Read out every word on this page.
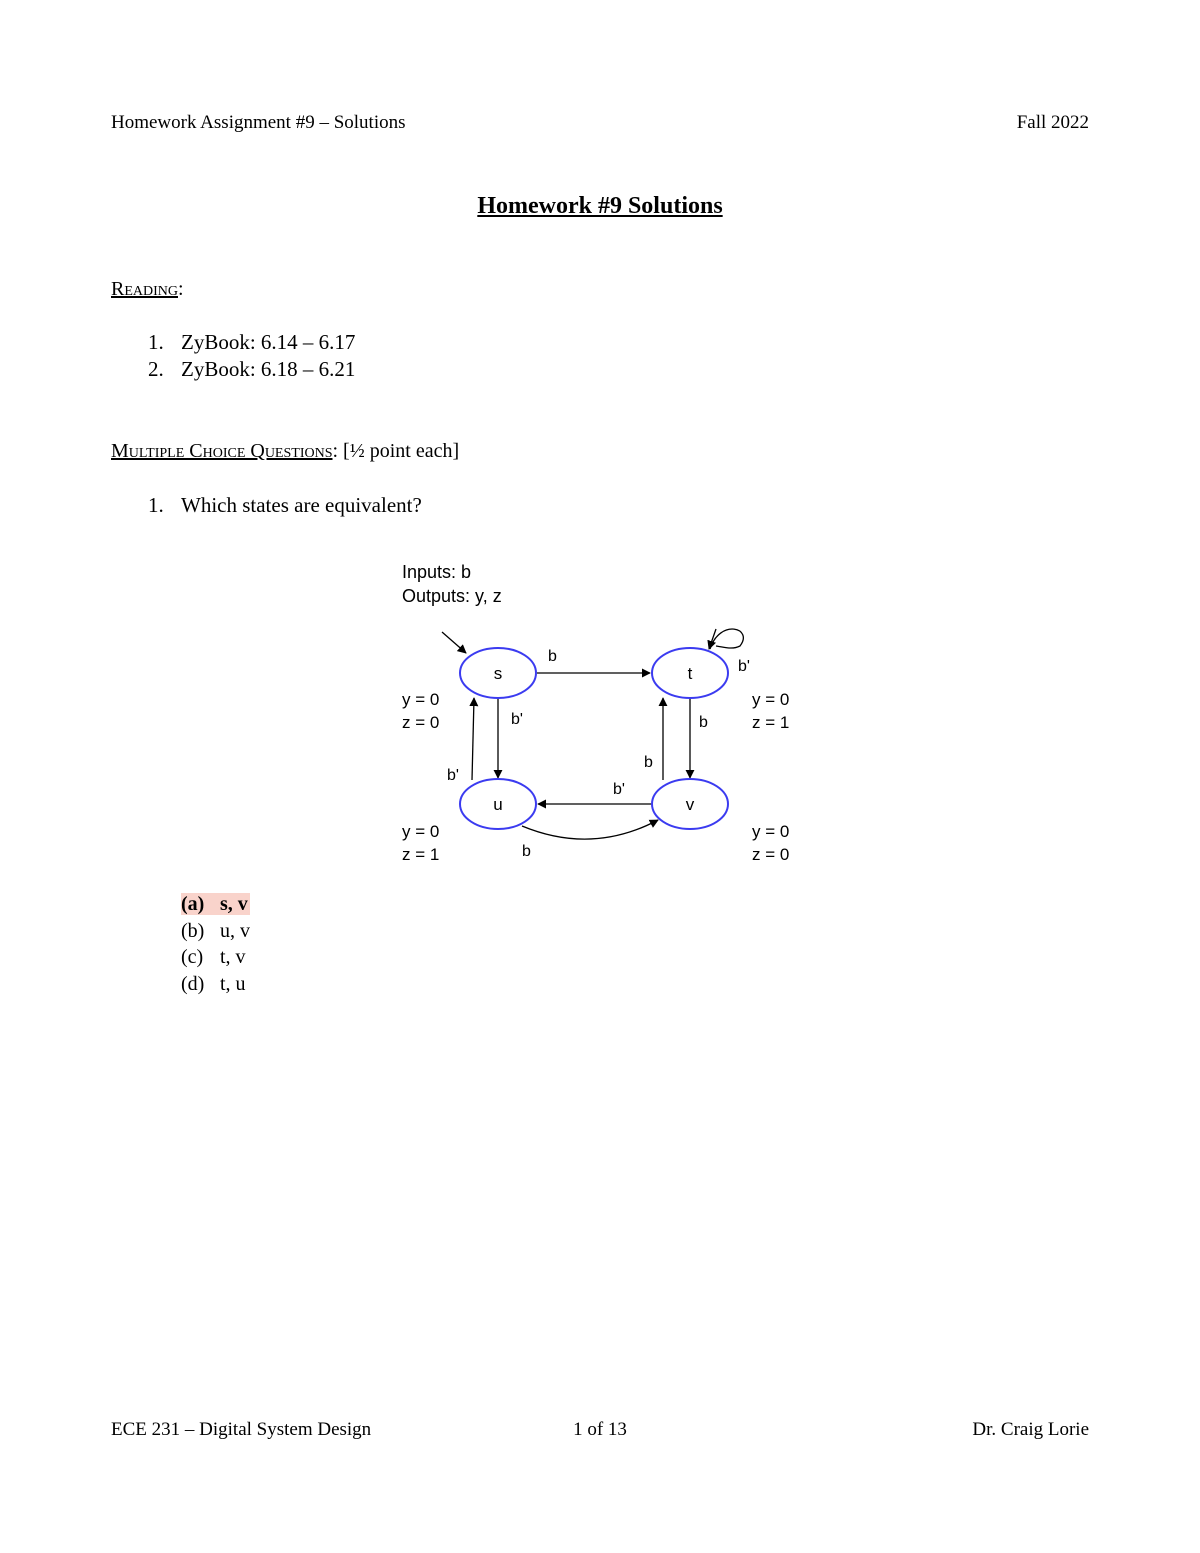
Homework Assignment #9 – Solutions	Fall 2022
Homework #9 Solutions
Reading:
1. ZyBook: 6.14 – 6.17
2. ZyBook: 6.18 – 6.21
Multiple Choice Questions: [½ point each]
1. Which states are equivalent?
Inputs: b
Outputs: y, z
s	t
u	v
b
b'
b'
b
b'
b
b'
b
y = 0
z = 0
y = 0
z = 1
y = 0
z = 1
y = 0
z = 0
(a) s, v
(b) u, v
(c) t, v
(d) t, u
ECE 231 – Digital System Design	1 of 13	Dr. Craig Lorie
